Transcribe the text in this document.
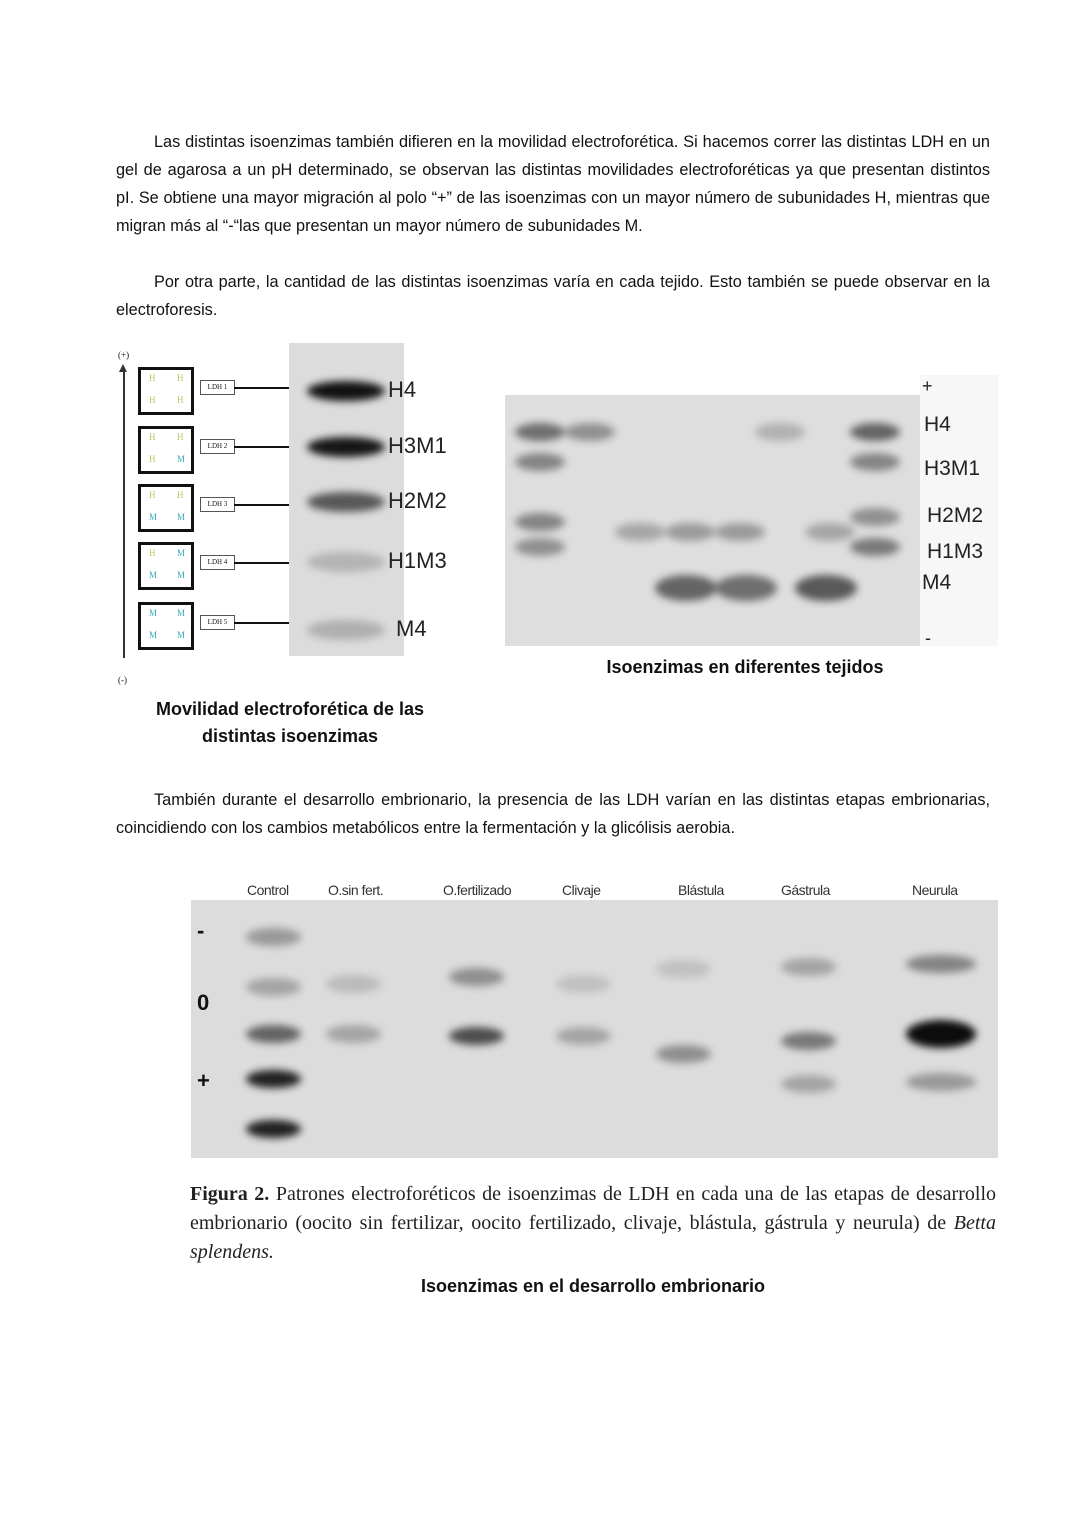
Las distintas isoenzimas también difieren en la movilidad electroforética. Si hacemos correr las distintas LDH en un gel de agarosa a un pH determinado, se observan las distintas movilidades electroforéticas ya que presentan distintos pI. Se obtiene una mayor migración al polo “+” de las isoenzimas con un mayor número de subunidades H, mientras que migran más al “-“las que presentan un mayor número de subunidades M.
Por otra parte, la cantidad de las distintas isoenzimas varía en cada tejido. Esto también se puede observar en la electroforesis.
(+)
(-)
H H
H H
LDH 1
H H
H M
LDH 2
H H
M M
LDH 3
H M
M M
LDH 4
M M
M M
LDH 5
H4
H3M1
H2M2
H1M3
M4
Movilidad electroforética de las
distintas isoenzimas
+
-
H4
H3M1
H2M2
H1M3
M4
Isoenzimas en diferentes tejidos
También durante el desarrollo embrionario, la presencia de las LDH varían en las distintas etapas embrionarias, coincidiendo con los cambios metabólicos entre la fermentación y la glicólisis aerobia.
Control	O.sin fert.	O.fertilizado	Clivaje	Blástula	Gástrula	Neurula
-
0
+
Figura 2. Patrones electroforéticos de isoenzimas de LDH en cada una de las etapas de desarrollo embrionario (oocito sin fertilizar, oocito fertilizado, clivaje, blástula, gástrula y neurula) de Betta splendens.
Isoenzimas en el desarrollo embrionario
